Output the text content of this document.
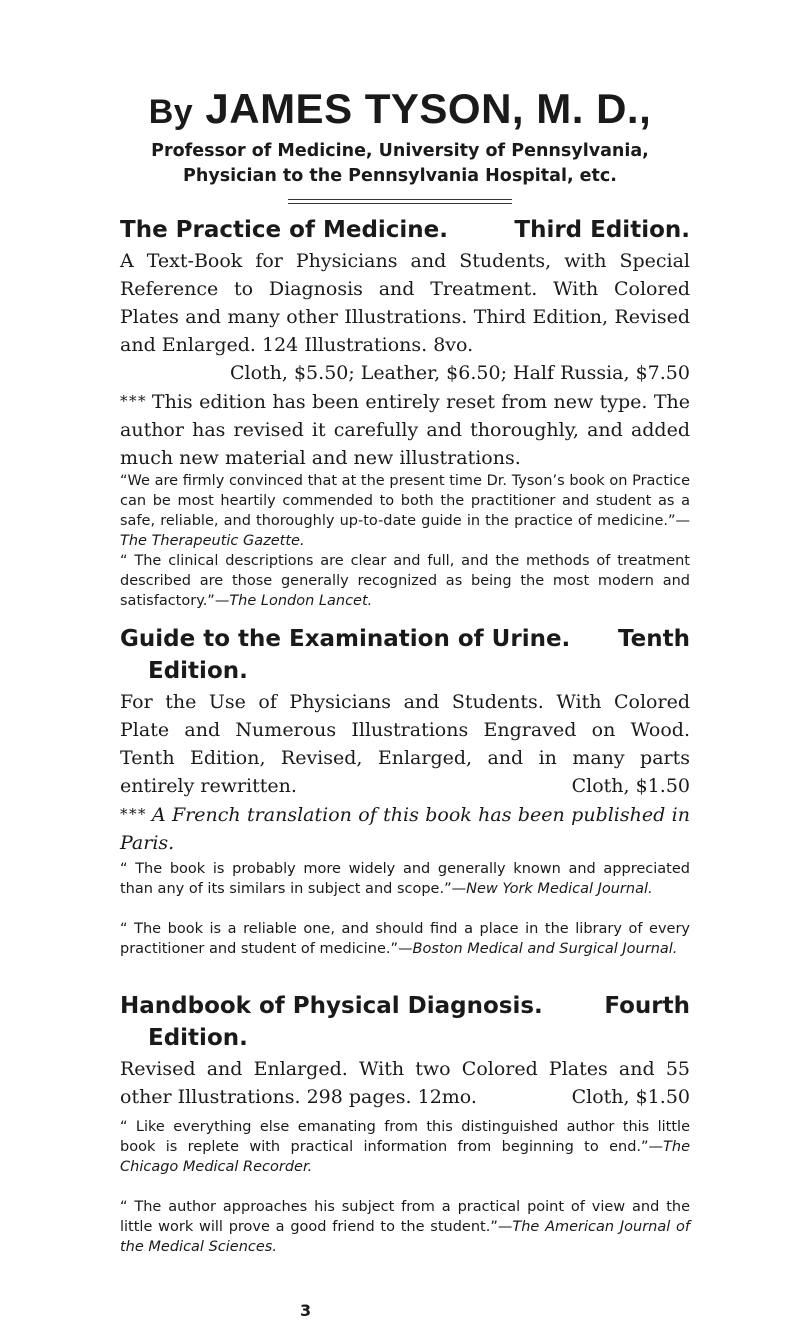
By JAMES TYSON, M. D.,
Professor of Medicine, University of Pennsylvania,
Physician to the Pennsylvania Hospital, etc.
The Practice of Medicine.	Third Edition.
A Text-Book for Physicians and Students, with Special Reference to Diagnosis and Treatment. With Colored Plates and many other Illustrations. Third Edition, Revised and Enlarged. 124 Illustrations. 8vo.
Cloth, $5.50; Leather, $6.50; Half Russia, $7.50
* * * This edition has been entirely reset from new type. The author has revised it carefully and thoroughly, and added much new material and new illustrations.
“We are firmly convinced that at the present time Dr. Tyson’s book on Practice can be most heartily commended to both the practitioner and student as a safe, reliable, and thoroughly up-to-date guide in the practice of medicine.”—The Therapeutic Gazette.
“ The clinical descriptions are clear and full, and the methods of treatment described are those generally recognized as being the most modern and satisfactory.”—The London Lancet.
Guide to the Examination of Urine. Tenth
Edition.
For the Use of Physicians and Students. With Colored Plate and Numerous Illustrations Engraved on Wood. Tenth Edition, Revised, Enlarged, and in many parts entirely rewritten.	Cloth, $1.50
* * * A French translation of this book has been published in Paris.
“ The book is probably more widely and generally known and appreciated than any of its similars in subject and scope.”—New York Medical Journal.
“ The book is a reliable one, and should find a place in the library of every practitioner and student of medicine.”—Boston Medical and Surgical Journal.
Handbook of Physical Diagnosis.	Fourth
Edition.
Revised and Enlarged. With two Colored Plates and 55 other Illustrations. 298 pages. 12mo.	Cloth, $1.50
“ Like everything else emanating from this distinguished author this little book is replete with practical information from beginning to end.”—The Chicago Medical Recorder.
“ The author approaches his subject from a practical point of view and the little work will prove a good friend to the student.”—The American Journal of the Medical Sciences.
3
